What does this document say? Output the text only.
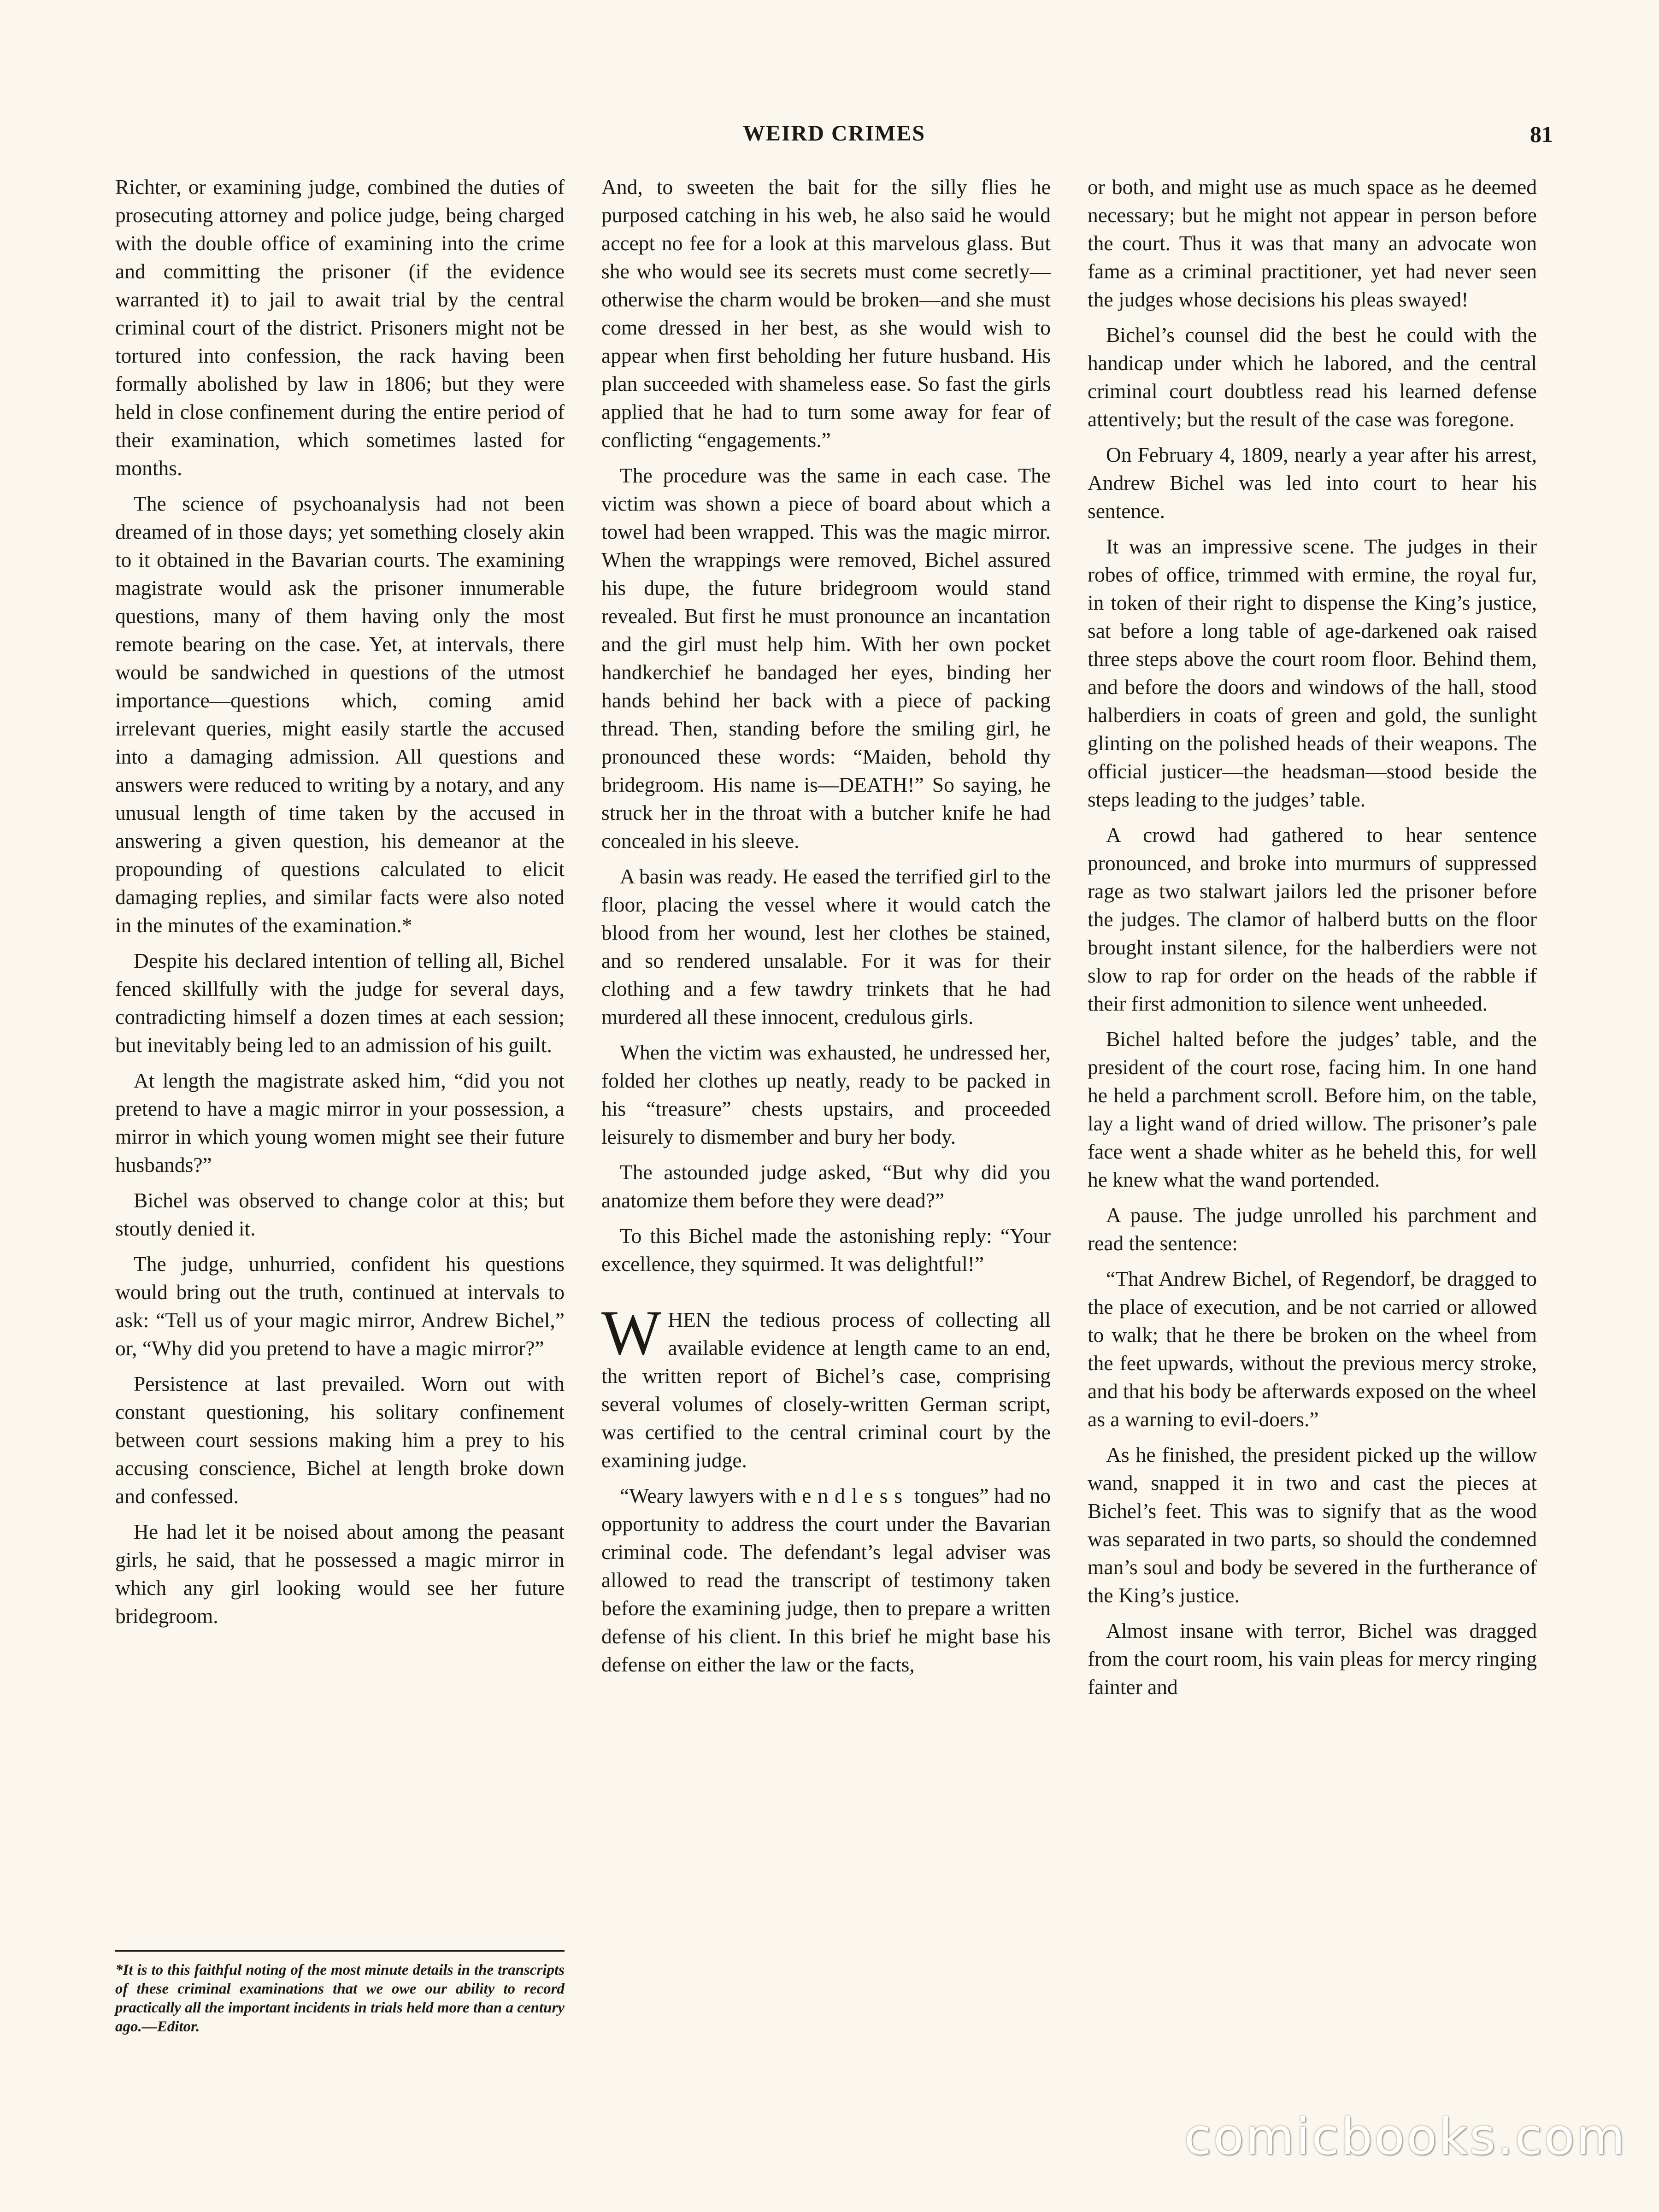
WEIRD CRIMES	81

Richter, or examining judge, combined the duties of prosecuting attorney and police judge, being charged with the double office of examining into the crime and committing the prisoner (if the evidence warranted it) to jail to await trial by the central criminal court of the district. Prisoners might not be tortured into confession, the rack having been formally abolished by law in 1806; but they were held in close confinement during the entire period of their examination, which sometimes lasted for months.

The science of psychoanalysis had not been dreamed of in those days; yet something closely akin to it obtained in the Bavarian courts. The examining magistrate would ask the prisoner innumerable questions, many of them having only the most remote bearing on the case. Yet, at intervals, there would be sandwiched in questions of the utmost importance—questions which, coming amid irrelevant queries, might easily startle the accused into a damaging admission. All questions and answers were reduced to writing by a notary, and any unusual length of time taken by the accused in answering a given question, his demeanor at the propounding of questions calculated to elicit damaging replies, and similar facts were also noted in the minutes of the examination.*

Despite his declared intention of telling all, Bichel fenced skillfully with the judge for several days, contradicting himself a dozen times at each session; but inevitably being led to an admission of his guilt.

At length the magistrate asked him, “did you not pretend to have a magic mirror in your possession, a mirror in which young women might see their future husbands?”

Bichel was observed to change color at this; but stoutly denied it.

The judge, unhurried, confident his questions would bring out the truth, continued at intervals to ask: “Tell us of your magic mirror, Andrew Bichel,” or, “Why did you pretend to have a magic mirror?”

Persistence at last prevailed. Worn out with constant questioning, his solitary confinement between court sessions making him a prey to his accusing conscience, Bichel at length broke down and confessed.

He had let it be noised about among the peasant girls, he said, that he possessed a magic mirror in which any girl looking would see her future bridegroom.

*It is to this faithful noting of the most minute details in the transcripts of these criminal examinations that we owe our ability to record practically all the important incidents in trials held more than a century ago.—Editor.

And, to sweeten the bait for the silly flies he purposed catching in his web, he also said he would accept no fee for a look at this marvelous glass. But she who would see its secrets must come secretly—otherwise the charm would be broken—and she must come dressed in her best, as she would wish to appear when first beholding her future husband. His plan succeeded with shameless ease. So fast the girls applied that he had to turn some away for fear of conflicting “engagements.”

The procedure was the same in each case. The victim was shown a piece of board about which a towel had been wrapped. This was the magic mirror. When the wrappings were removed, Bichel assured his dupe, the future bridegroom would stand revealed. But first he must pronounce an incantation and the girl must help him. With her own pocket handkerchief he bandaged her eyes, binding her hands behind her back with a piece of packing thread. Then, standing before the smiling girl, he pronounced these words: “Maiden, behold thy bridegroom. His name is—DEATH!” So saying, he struck her in the throat with a butcher knife he had concealed in his sleeve.

A basin was ready. He eased the terrified girl to the floor, placing the vessel where it would catch the blood from her wound, lest her clothes be stained, and so rendered unsalable. For it was for their clothing and a few tawdry trinkets that he had murdered all these innocent, credulous girls.

When the victim was exhausted, he undressed her, folded her clothes up neatly, ready to be packed in his “treasure” chests upstairs, and proceeded leisurely to dismember and bury her body.

The astounded judge asked, “But why did you anatomize them before they were dead?”

To this Bichel made the astonishing reply: “Your excellence, they squirmed. It was delightful!”

WHEN the tedious process of collecting all available evidence at length came to an end, the written report of Bichel’s case, comprising several volumes of closely-written German script, was certified to the central criminal court by the examining judge.

“Weary lawyers with endless tongues” had no opportunity to address the court under the Bavarian criminal code. The defendant’s legal adviser was allowed to read the transcript of testimony taken before the examining judge, then to prepare a written defense of his client. In this brief he might base his defense on either the law or the facts,

or both, and might use as much space as he deemed necessary; but he might not appear in person before the court. Thus it was that many an advocate won fame as a criminal practitioner, yet had never seen the judges whose decisions his pleas swayed!

Bichel’s counsel did the best he could with the handicap under which he labored, and the central criminal court doubtless read his learned defense attentively; but the result of the case was foregone.

On February 4, 1809, nearly a year after his arrest, Andrew Bichel was led into court to hear his sentence.

It was an impressive scene. The judges in their robes of office, trimmed with ermine, the royal fur, in token of their right to dispense the King’s justice, sat before a long table of age-darkened oak raised three steps above the court room floor. Behind them, and before the doors and windows of the hall, stood halberdiers in coats of green and gold, the sunlight glinting on the polished heads of their weapons. The official justicer—the headsman—stood beside the steps leading to the judges’ table.

A crowd had gathered to hear sentence pronounced, and broke into murmurs of suppressed rage as two stalwart jailors led the prisoner before the judges. The clamor of halberd butts on the floor brought instant silence, for the halberdiers were not slow to rap for order on the heads of the rabble if their first admonition to silence went unheeded.

Bichel halted before the judges’ table, and the president of the court rose, facing him. In one hand he held a parchment scroll. Before him, on the table, lay a light wand of dried willow. The prisoner’s pale face went a shade whiter as he beheld this, for well he knew what the wand portended.

A pause. The judge unrolled his parchment and read the sentence:

“That Andrew Bichel, of Regendorf, be dragged to the place of execution, and be not carried or allowed to walk; that he there be broken on the wheel from the feet upwards, without the previous mercy stroke, and that his body be afterwards exposed on the wheel as a warning to evil-doers.”

As he finished, the president picked up the willow wand, snapped it in two and cast the pieces at Bichel’s feet. This was to signify that as the wood was separated in two parts, so should the condemned man’s soul and body be severed in the furtherance of the King’s justice.

Almost insane with terror, Bichel was dragged from the court room, his vain pleas for mercy ringing fainter and

comicbooks.com
